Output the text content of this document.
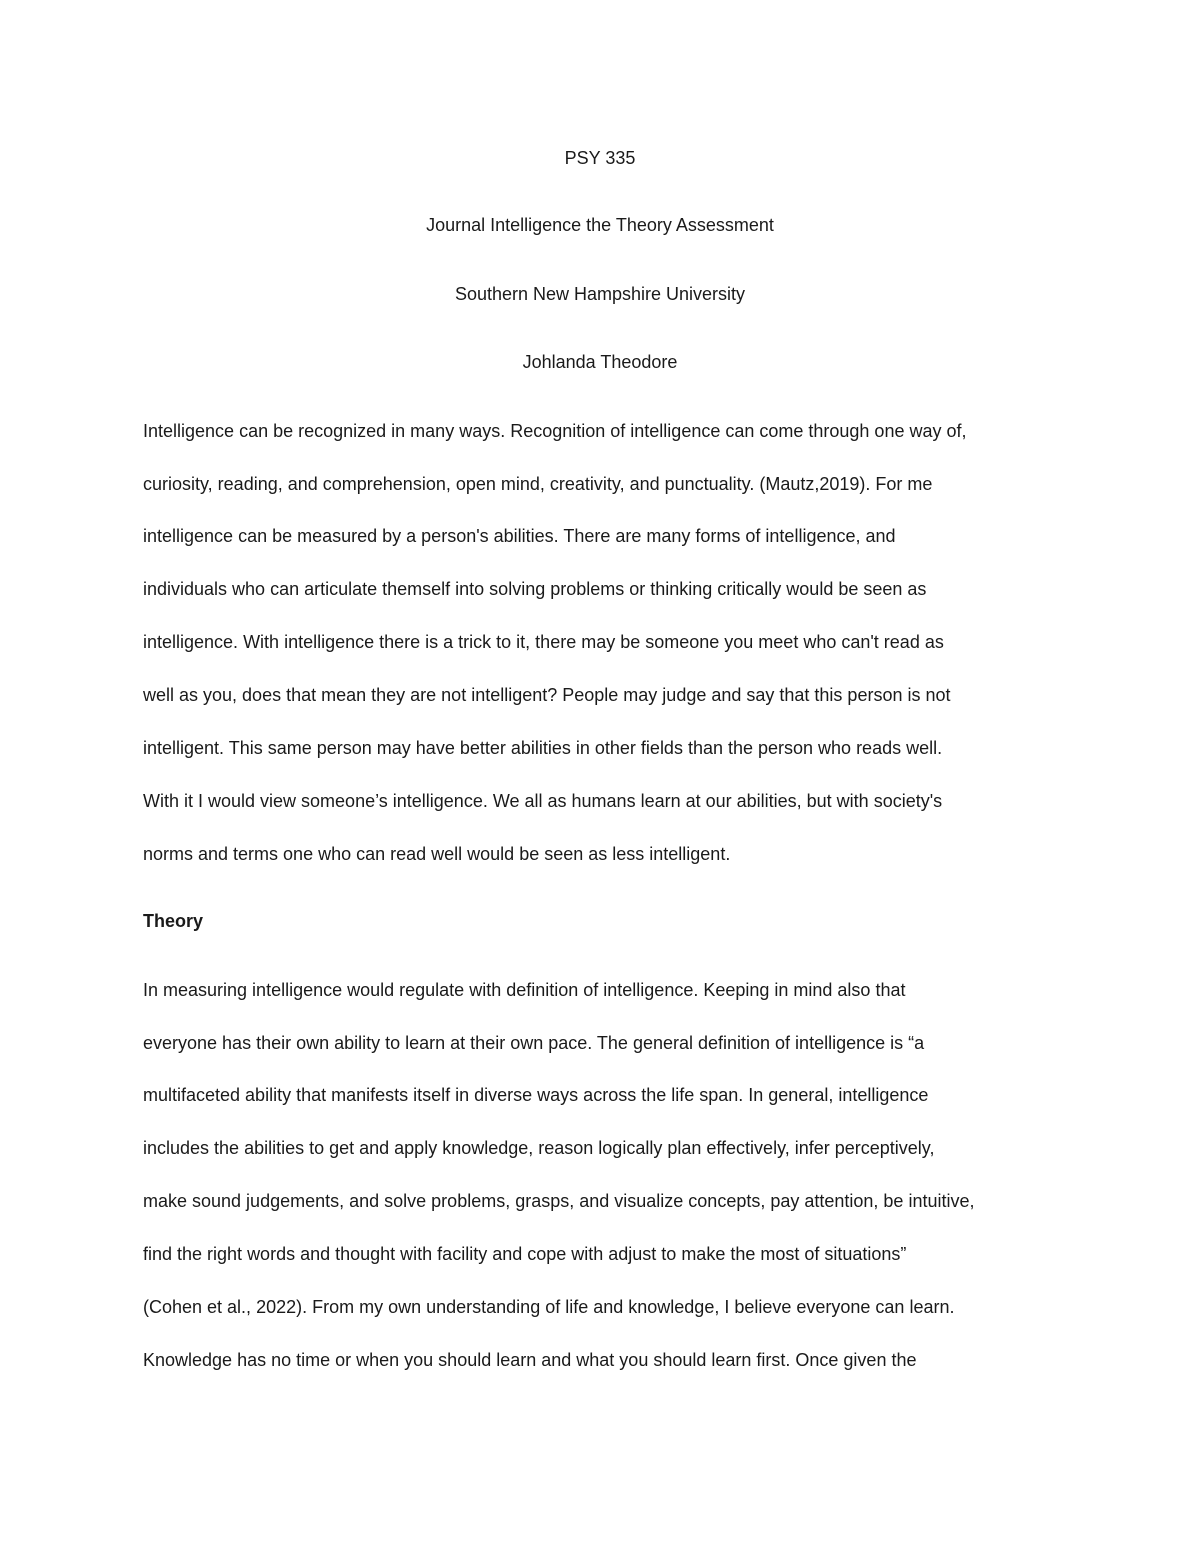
PSY 335
Journal Intelligence the Theory Assessment
Southern New Hampshire University
Johlanda Theodore
Intelligence can be recognized in many ways. Recognition of intelligence can come through one way of,
curiosity, reading, and comprehension, open mind, creativity, and punctuality. (Mautz,2019). For me
intelligence can be measured by a person's abilities. There are many forms of intelligence, and
individuals who can articulate themself into solving problems or thinking critically would be seen as
intelligence. With intelligence there is a trick to it, there may be someone you meet who can't read as
well as you, does that mean they are not intelligent? People may judge and say that this person is not
intelligent. This same person may have better abilities in other fields than the person who reads well.
With it I would view someone’s intelligence. We all as humans learn at our abilities, but with society's
norms and terms one who can read well would be seen as less intelligent.
Theory
In measuring intelligence would regulate with definition of intelligence. Keeping in mind also that
everyone has their own ability to learn at their own pace. The general definition of intelligence is “a
multifaceted ability that manifests itself in diverse ways across the life span. In general, intelligence
includes the abilities to get and apply knowledge, reason logically plan effectively, infer perceptively,
make sound judgements, and solve problems, grasps, and visualize concepts, pay attention, be intuitive,
find the right words and thought with facility and cope with adjust to make the most of situations”
(Cohen et al., 2022). From my own understanding of life and knowledge, I believe everyone can learn.
Knowledge has no time or when you should learn and what you should learn first. Once given the
